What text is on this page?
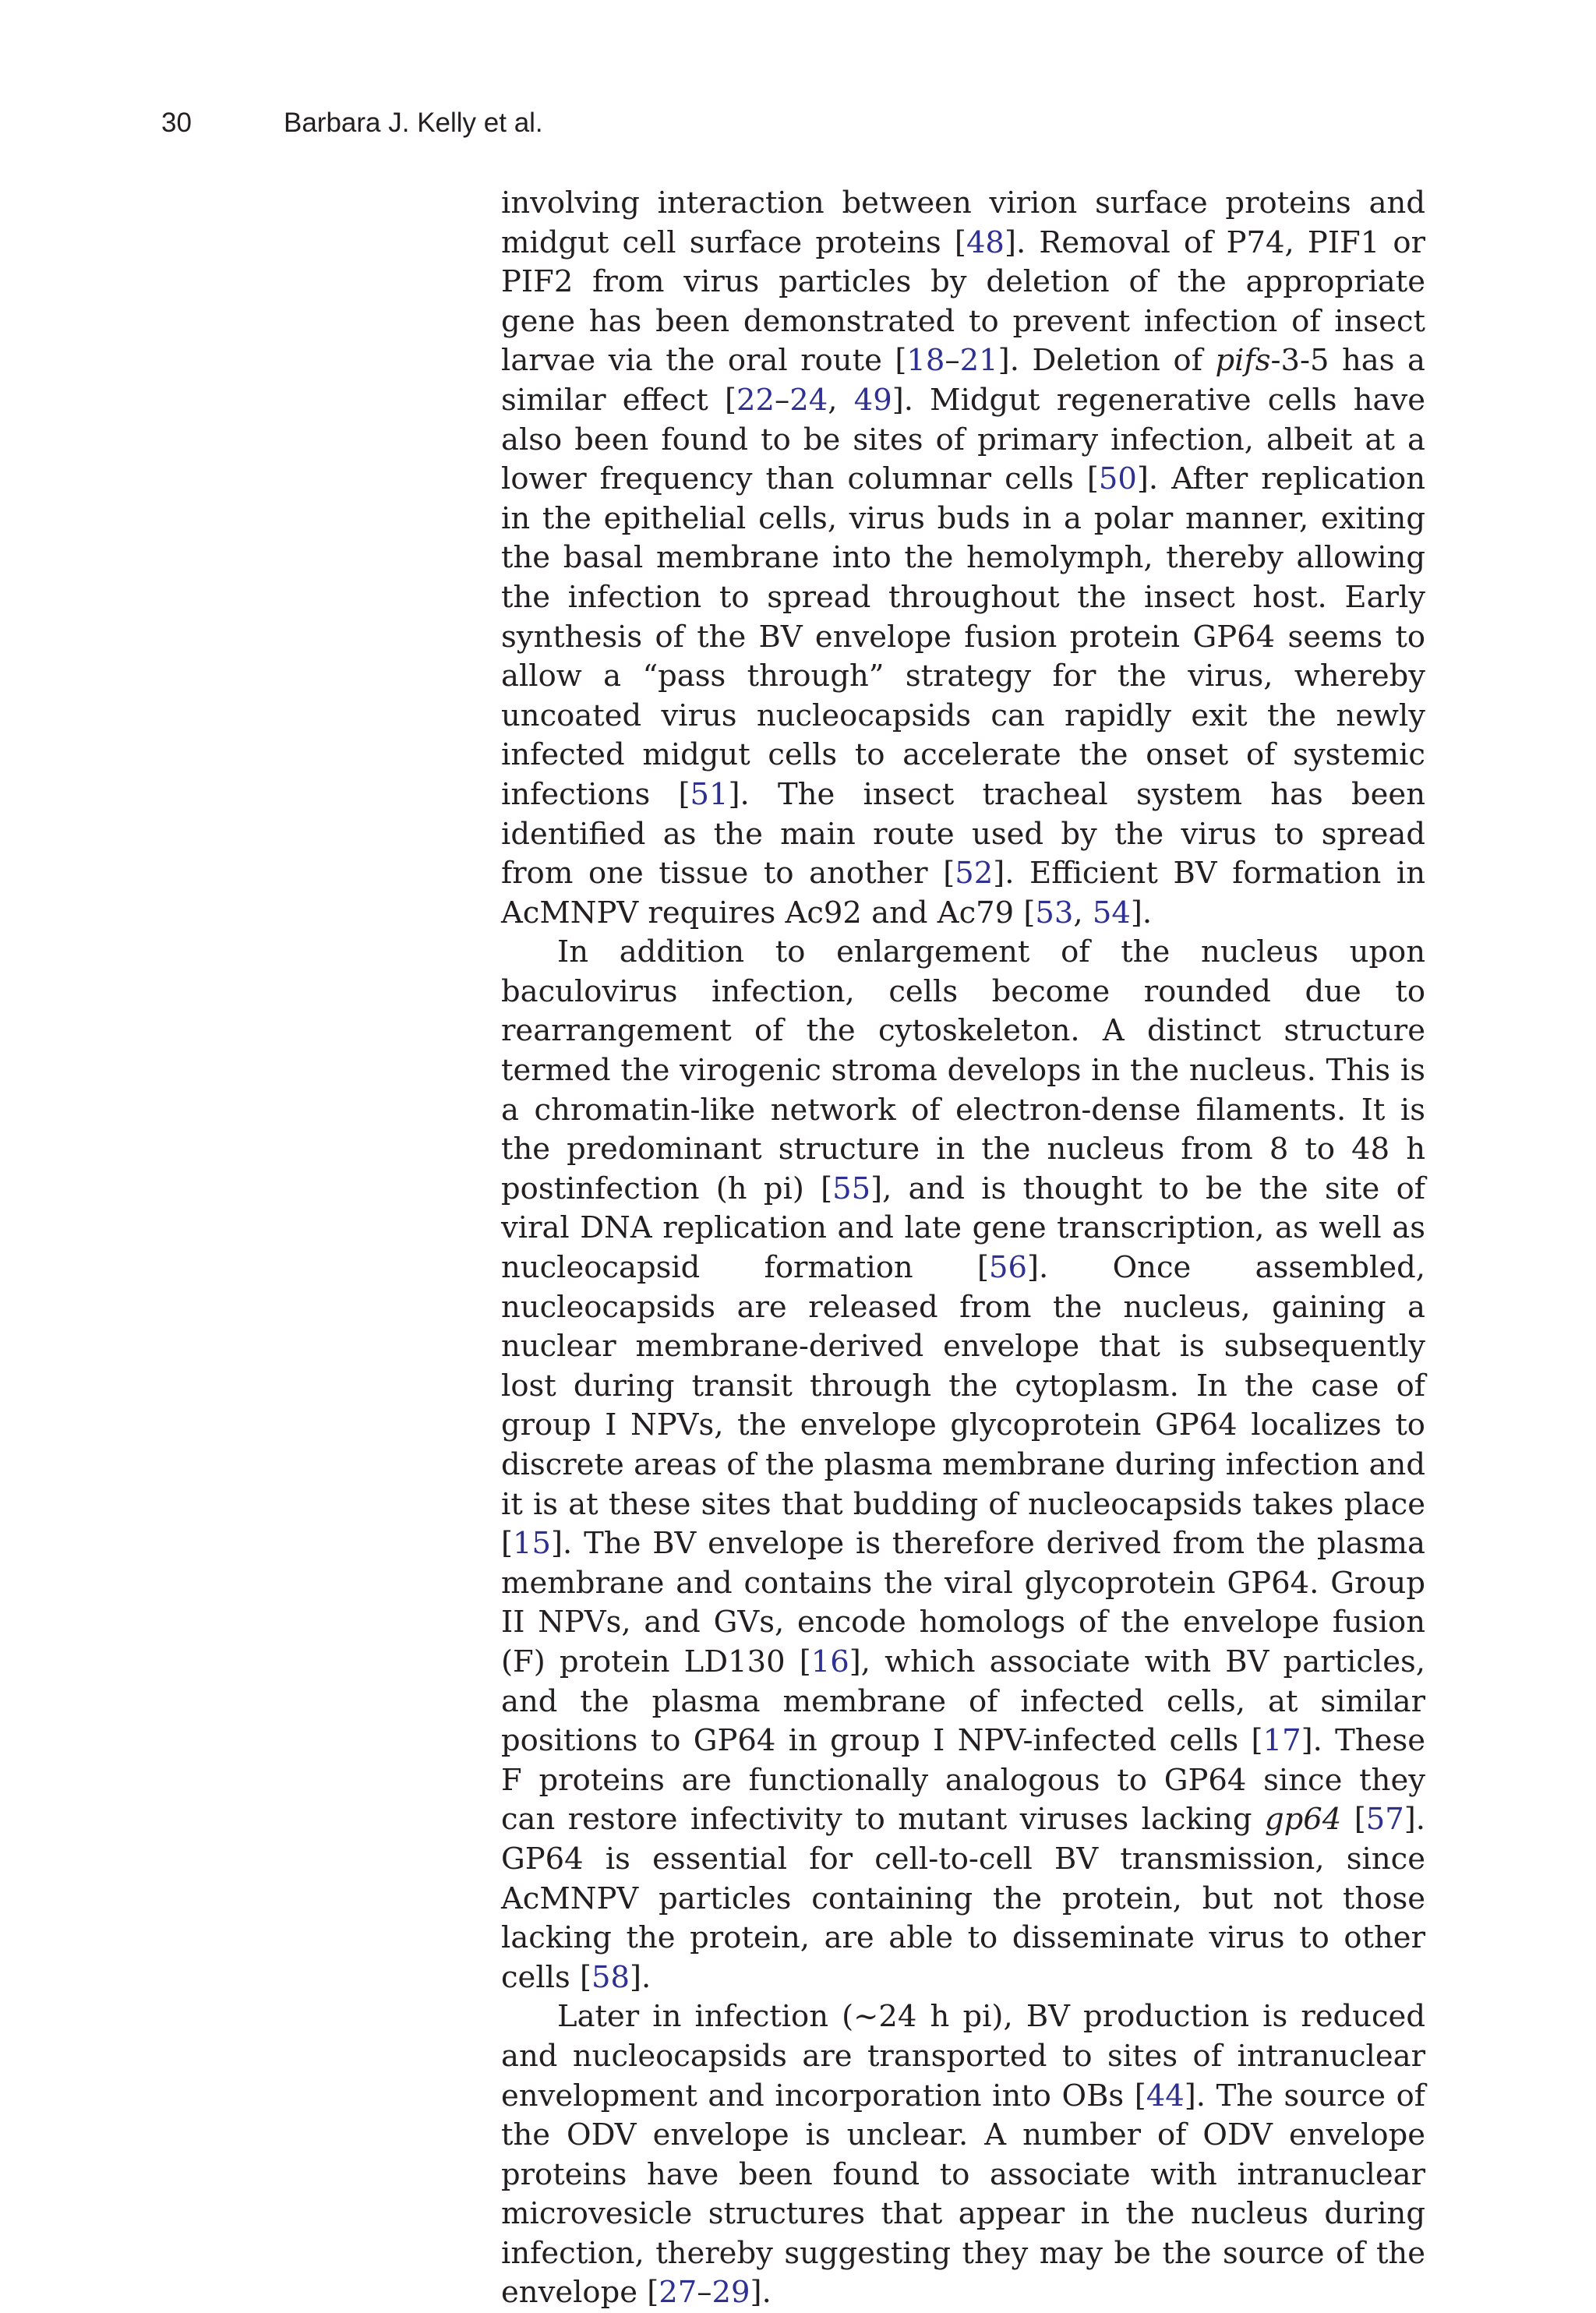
30	Barbara J. Kelly et al.

involving interaction between virion surface proteins and midgut cell surface proteins [48]. Removal of P74, PIF1 or PIF2 from virus particles by deletion of the appropriate gene has been demonstrated to prevent infection of insect larvae via the oral route [18–21]. Deletion of pifs-3-5 has a similar effect [22–24, 49]. Midgut regenerative cells have also been found to be sites of primary infection, albeit at a lower frequency than columnar cells [50]. After replication in the epithelial cells, virus buds in a polar manner, exiting the basal membrane into the hemolymph, thereby allowing the infection to spread throughout the insect host. Early synthesis of the BV envelope fusion protein GP64 seems to allow a “pass through” strategy for the virus, whereby uncoated virus nucleocapsids can rapidly exit the newly infected midgut cells to accelerate the onset of systemic infections [51]. The insect tracheal system has been identified as the main route used by the virus to spread from one tissue to another [52]. Efficient BV formation in AcMNPV requires Ac92 and Ac79 [53, 54].

In addition to enlargement of the nucleus upon baculovirus infection, cells become rounded due to rearrangement of the cytoskeleton. A distinct structure termed the virogenic stroma develops in the nucleus. This is a chromatin-like network of electron-dense filaments. It is the predominant structure in the nucleus from 8 to 48 h postinfection (h pi) [55], and is thought to be the site of viral DNA replication and late gene transcription, as well as nucleocapsid formation [56]. Once assembled, nucleocapsids are released from the nucleus, gaining a nuclear membrane-derived envelope that is subsequently lost during transit through the cytoplasm. In the case of group I NPVs, the envelope glycoprotein GP64 localizes to discrete areas of the plasma membrane during infection and it is at these sites that budding of nucleocapsids takes place [15]. The BV envelope is therefore derived from the plasma membrane and contains the viral glycoprotein GP64. Group II NPVs, and GVs, encode homologs of the envelope fusion (F) protein LD130 [16], which associate with BV particles, and the plasma membrane of infected cells, at similar positions to GP64 in group I NPV-infected cells [17]. These F proteins are functionally analogous to GP64 since they can restore infectivity to mutant viruses lacking gp64 [57]. GP64 is essential for cell-to-cell BV transmission, since AcMNPV particles containing the protein, but not those lacking the protein, are able to disseminate virus to other cells [58].

Later in infection (~24 h pi), BV production is reduced and nucleocapsids are transported to sites of intranuclear envelopment and incorporation into OBs [44]. The source of the ODV envelope is unclear. A number of ODV envelope proteins have been found to associate with intranuclear microvesicle structures that appear in the nucleus during infection, thereby suggesting they may be the source of the envelope [27–29].
